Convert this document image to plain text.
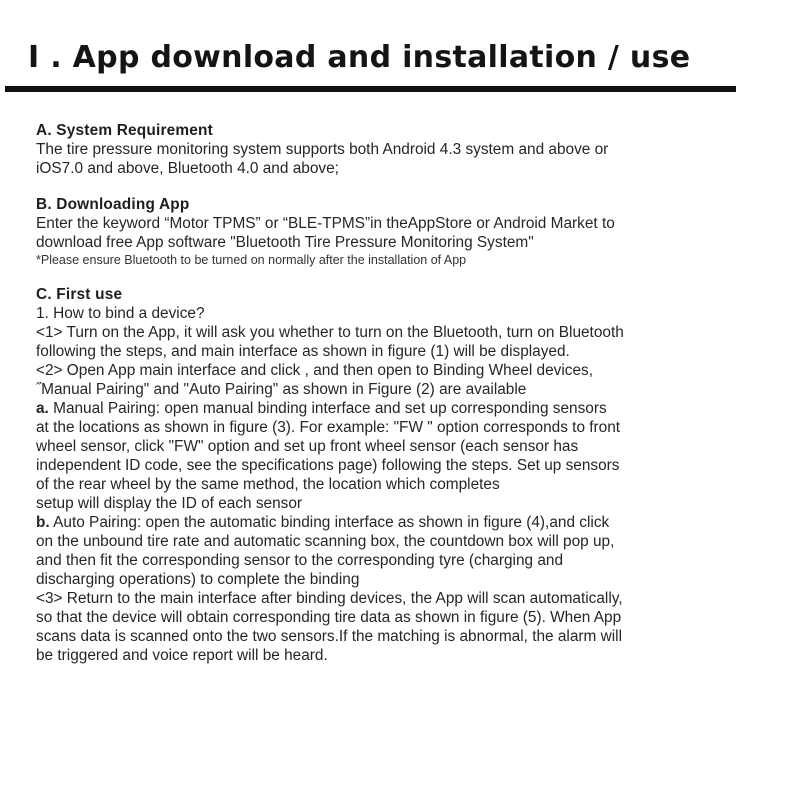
I . App download and installation / use
A. System Requirement
The tire pressure monitoring system supports both Android 4.3 system and above or
iOS7.0 and above, Bluetooth 4.0 and above;
B. Downloading App
Enter the keyword “Motor TPMS” or “BLE-TPMS”in theAppStore or Android Market to
download free App software "Bluetooth Tire Pressure Monitoring System"
*Please ensure Bluetooth to be turned on normally after the installation of App
C. First use
1. How to bind a device?
<1> Turn on the App, it will ask you whether to turn on the Bluetooth, turn on Bluetooth
following the steps, and main interface as shown in figure (1) will be displayed.
<2> Open App main interface and click , and then open to Binding Wheel devices,
˝Manual Pairing" and "Auto Pairing" as shown in Figure (2) are available
a. Manual Pairing: open manual binding interface and set up corresponding sensors
at the locations as shown in figure (3). For example: "FW " option corresponds to front
wheel sensor, click "FW" option and set up front wheel sensor (each sensor has
independent ID code, see the specifications page) following the steps. Set up sensors
of the rear wheel by the same method, the location which completes
setup will display the ID of each sensor
b. Auto Pairing: open the automatic binding interface as shown in figure (4),and click
on the unbound tire rate and automatic scanning box, the countdown box will pop up,
and then fit the corresponding sensor to the corresponding tyre (charging and
discharging operations) to complete the binding
<3> Return to the main interface after binding devices, the App will scan automatically,
so that the device will obtain corresponding tire data as shown in figure (5). When App
scans data is scanned onto the two sensors.If the matching is abnormal, the alarm will
be triggered and voice report will be heard.
